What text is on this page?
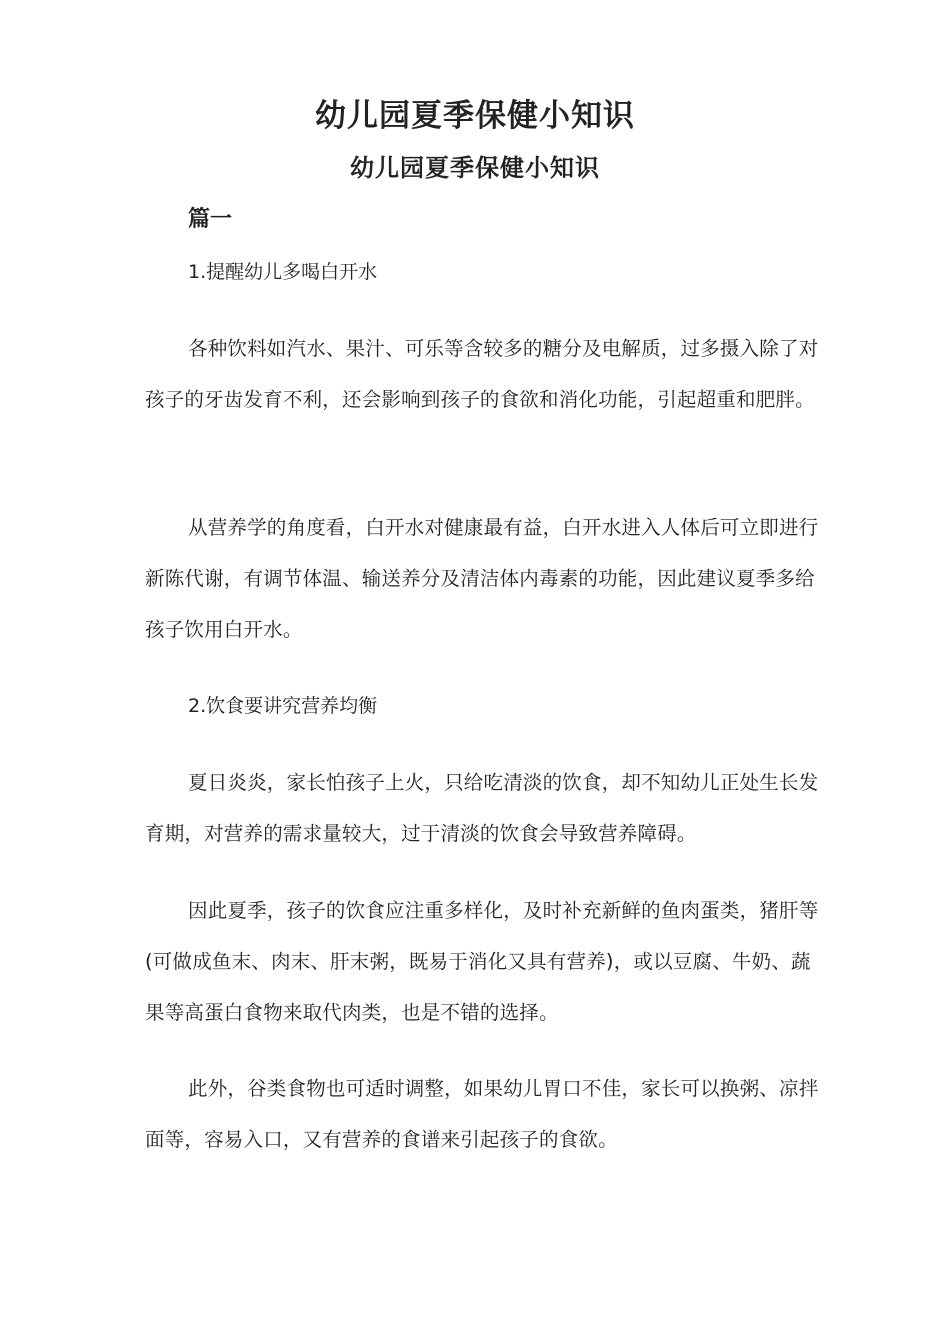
幼儿园夏季保健小知识
幼儿园夏季保健小知识
篇一
1.提醒幼儿多喝白开水
各种饮料如汽水、果汁、可乐等含较多的糖分及电解质，过多摄入除了对孩子的牙齿发育不利，还会影响到孩子的食欲和消化功能，引起超重和肥胖。
从营养学的角度看，白开水对健康最有益，白开水进入人体后可立即进行新陈代谢，有调节体温、输送养分及清洁体内毒素的功能，因此建议夏季多给孩子饮用白开水。
2.饮食要讲究营养均衡
夏日炎炎，家长怕孩子上火，只给吃清淡的饮食，却不知幼儿正处生长发育期，对营养的需求量较大，过于清淡的饮食会导致营养障碍。
因此夏季，孩子的饮食应注重多样化，及时补充新鲜的鱼肉蛋类，猪肝等(可做成鱼末、肉末、肝末粥，既易于消化又具有营养)，或以豆腐、牛奶、蔬果等高蛋白食物来取代肉类，也是不错的选择。
此外，谷类食物也可适时调整，如果幼儿胃口不佳，家长可以换粥、凉拌面等，容易入口，又有营养的食谱来引起孩子的食欲。
